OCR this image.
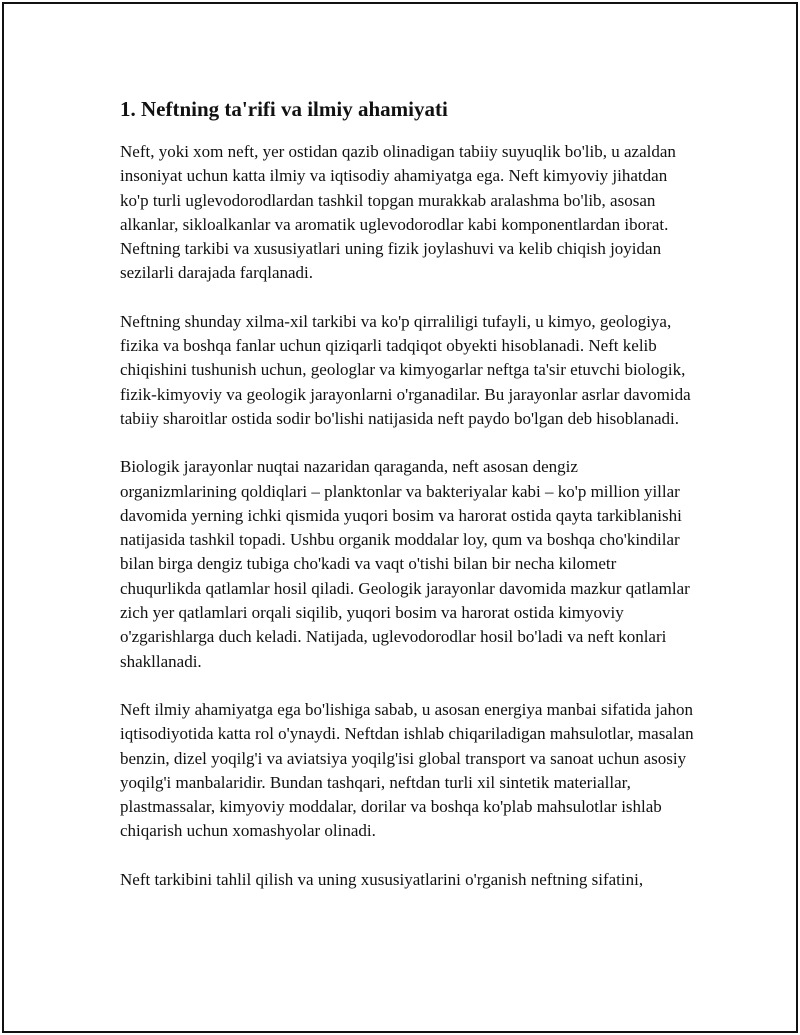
1. Neftning ta'rifi va ilmiy ahamiyati

Neft, yoki xom neft, yer ostidan qazib olinadigan tabiiy suyuqlik bo'lib, u azaldan insoniyat uchun katta ilmiy va iqtisodiy ahamiyatga ega. Neft kimyoviy jihatdan ko'p turli uglevodorodlardan tashkil topgan murakkab aralashma bo'lib, asosan alkanlar, sikloalkanlar va aromatik uglevodorodlar kabi komponentlardan iborat. Neftning tarkibi va xususiyatlari uning fizik joylashuvi va kelib chiqish joyidan sezilarli darajada farqlanadi.

Neftning shunday xilma-xil tarkibi va ko'p qirraliligi tufayli, u kimyo, geologiya, fizika va boshqa fanlar uchun qiziqarli tadqiqot obyekti hisoblanadi. Neft kelib chiqishini tushunish uchun, geologlar va kimyogarlar neftga ta'sir etuvchi biologik, fizik-kimyoviy va geologik jarayonlarni o'rganadilar. Bu jarayonlar asrlar davomida tabiiy sharoitlar ostida sodir bo'lishi natijasida neft paydo bo'lgan deb hisoblanadi.

Biologik jarayonlar nuqtai nazaridan qaraganda, neft asosan dengiz organizmlarining qoldiqlari – planktonlar va bakteriyalar kabi – ko'p million yillar davomida yerning ichki qismida yuqori bosim va harorat ostida qayta tarkiblanishi natijasida tashkil topadi. Ushbu organik moddalar loy, qum va boshqa cho'kindilar bilan birga dengiz tubiga cho'kadi va vaqt o'tishi bilan bir necha kilometr chuqurlikda qatlamlar hosil qiladi. Geologik jarayonlar davomida mazkur qatlamlar zich yer qatlamlari orqali siqilib, yuqori bosim va harorat ostida kimyoviy o'zgarishlarga duch keladi. Natijada, uglevodorodlar hosil bo'ladi va neft konlari shakllanadi.

Neft ilmiy ahamiyatga ega bo'lishiga sabab, u asosan energiya manbai sifatida jahon iqtisodiyotida katta rol o'ynaydi. Neftdan ishlab chiqariladigan mahsulotlar, masalan benzin, dizel yoqilg'i va aviatsiya yoqilg'isi global transport va sanoat uchun asosiy yoqilg'i manbalaridir. Bundan tashqari, neftdan turli xil sintetik materiallar, plastmassalar, kimyoviy moddalar, dorilar va boshqa ko'plab mahsulotlar ishlab chiqarish uchun xomashyolar olinadi.

Neft tarkibini tahlil qilish va uning xususiyatlarini o'rganish neftning sifatini,
